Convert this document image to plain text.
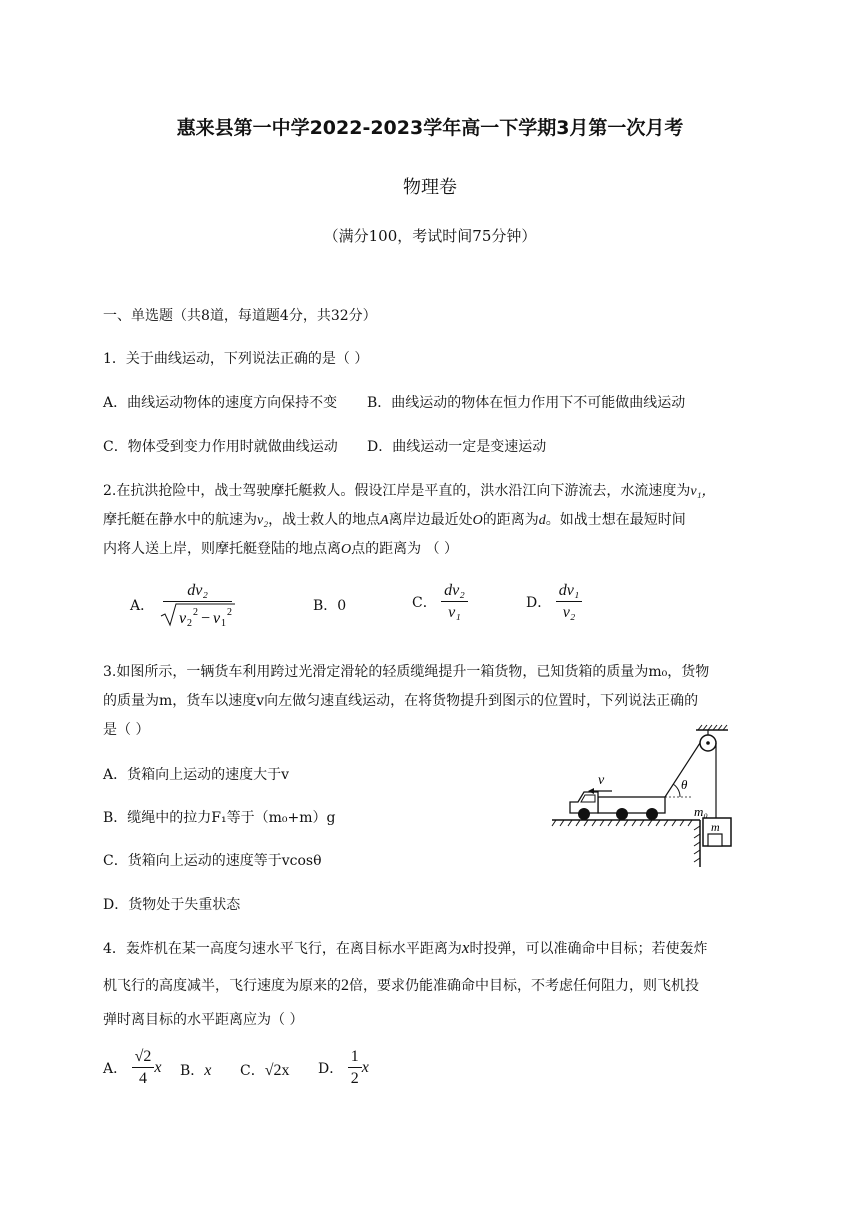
惠来县第一中学2022-2023学年高一下学期3月第一次月考
物理卷
（满分100，考试时间75分钟）
一、单选题（共8道，每道题4分，共32分）
1．关于曲线运动，下列说法正确的是（ ）
A．曲线运动物体的速度方向保持不变 B．曲线运动的物体在恒力作用下不可能做曲线运动
C．物体受到变力作用时就做曲线运动 D．曲线运动一定是变速运动
2.在抗洪抢险中，战士驾驶摩托艇救人。假设江岸是平直的，洪水沿江向下游流去，水流速度为v₁，
摩托艇在静水中的航速为v₂，战士救人的地点A离岸边最近处O的距离为d。如战士想在最短时间
内将人送上岸，则摩托艇登陆的地点离O点的距离为 （ ）
A． dv₂
v 2
2 − v 1
2	B．0	C． $\frac{\text{dv₂}}{\text{v₁}}$	D． $\frac{\text{dv₁}}{\text{v₂}}$
3.如图所示，一辆货车利用跨过光滑定滑轮的轻质缆绳提升一箱货物，已知货箱的质量为m₀，货物
的质量为m，货车以速度v向左做匀速直线运动，在将货物提升到图示的位置时，下列说法正确的
是（ ）
A．货箱向上运动的速度大于v
B．缆绳中的拉力F₁等于（m₀+m）g
C．货箱向上运动的速度等于vcosθ
D．货物处于失重状态
θ
m₀
m
v
4．轰炸机在某一高度匀速水平飞行，在离目标水平距离为x时投弹，可以准确命中目标；若使轰炸
机飞行的高度减半，飞行速度为原来的2倍，要求仍能准确命中目标，不考虑任何阻力，则飞机投
弹时离目标的水平距离应为（ ）
A． $\frac{√2}{4}$ x B．x C．√2x D． $\frac{1}{2}$ x
